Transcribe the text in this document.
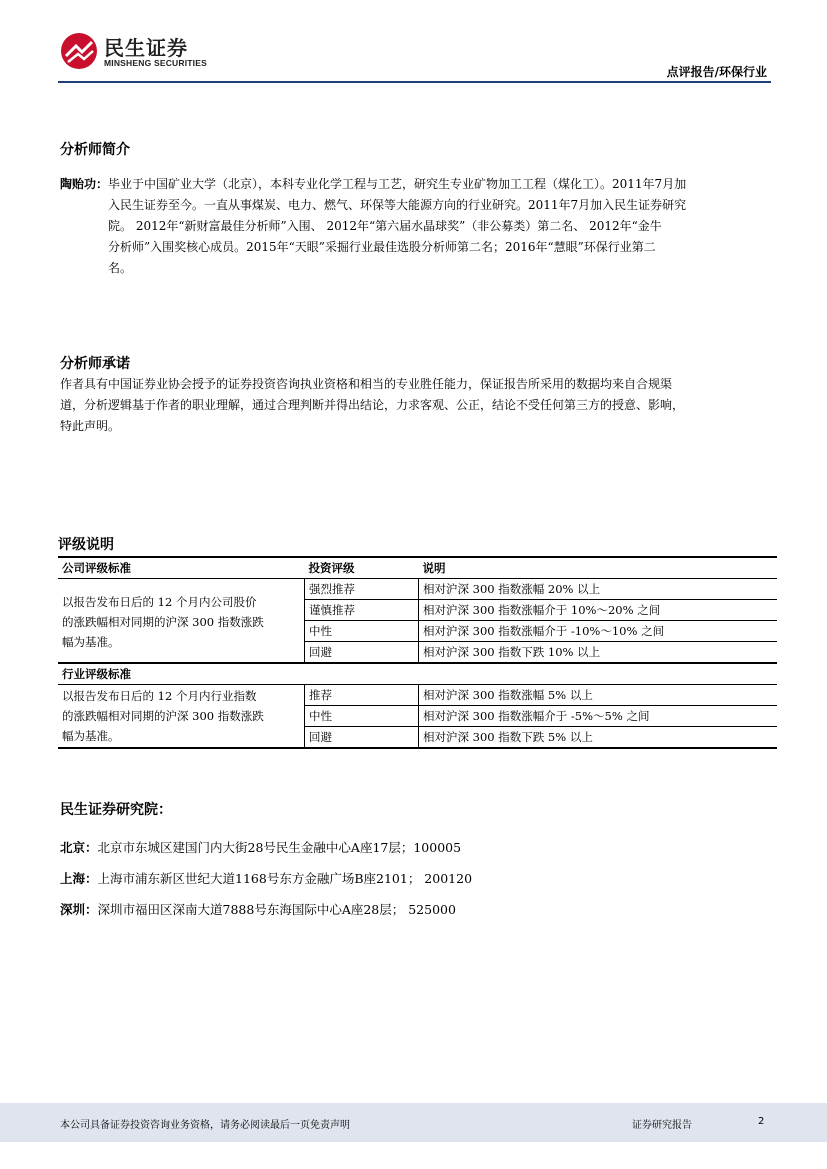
民生证券
MINSHENG SECURITIES
点评报告/环保行业
分析师简介
陶贻功：毕业于中国矿业大学（北京），本科专业化学工程与工艺，研究生专业矿物加工工程（煤化工）。2011年7月加
入民生证券至今。一直从事煤炭、电力、燃气、环保等大能源方向的行业研究。2011年7月加入民生证券研究
院。 2012年“新财富最佳分析师”入围、 2012年“第六届水晶球奖”（非公募类）第二名、 2012年“金牛
分析师”入围奖核心成员。2015年“天眼”采掘行业最佳选股分析师第二名；2016年“慧眼”环保行业第二
名。
分析师承诺
作者具有中国证券业协会授予的证券投资咨询执业资格和相当的专业胜任能力，保证报告所采用的数据均来自合规渠
道，分析逻辑基于作者的职业理解，通过合理判断并得出结论，力求客观、公正，结论不受任何第三方的授意、影响，
特此声明。
评级说明
公司评级标准	投资评级	说明

以报告发布日后的 12 个月内公司股价
的涨跌幅相对同期的沪深 300 指数涨跌
幅为基准。	强烈推荐	相对沪深 300 指数涨幅 20% 以上
	谨慎推荐	相对沪深 300 指数涨幅介于 10%～20% 之间
	中性	相对沪深 300 指数涨幅介于 -10%～10% 之间
	回避	相对沪深 300 指数下跌 10% 以上
行业评级标准		

以报告发布日后的 12 个月内行业指数
的涨跌幅相对同期的沪深 300 指数涨跌
幅为基准。	推荐	相对沪深 300 指数涨幅 5% 以上
	中性	相对沪深 300 指数涨幅介于 -5%～5% 之间
	回避	相对沪深 300 指数下跌 5% 以上
民生证券研究院：
北京：北京市东城区建国门内大街28号民生金融中心A座17层；100005
上海：上海市浦东新区世纪大道1168号东方金融广场B座2101； 200120
深圳：深圳市福田区深南大道7888号东海国际中心A座28层； 525000
本公司具备证券投资咨询业务资格，请务必阅读最后一页免责声明	证券研究报告	2
